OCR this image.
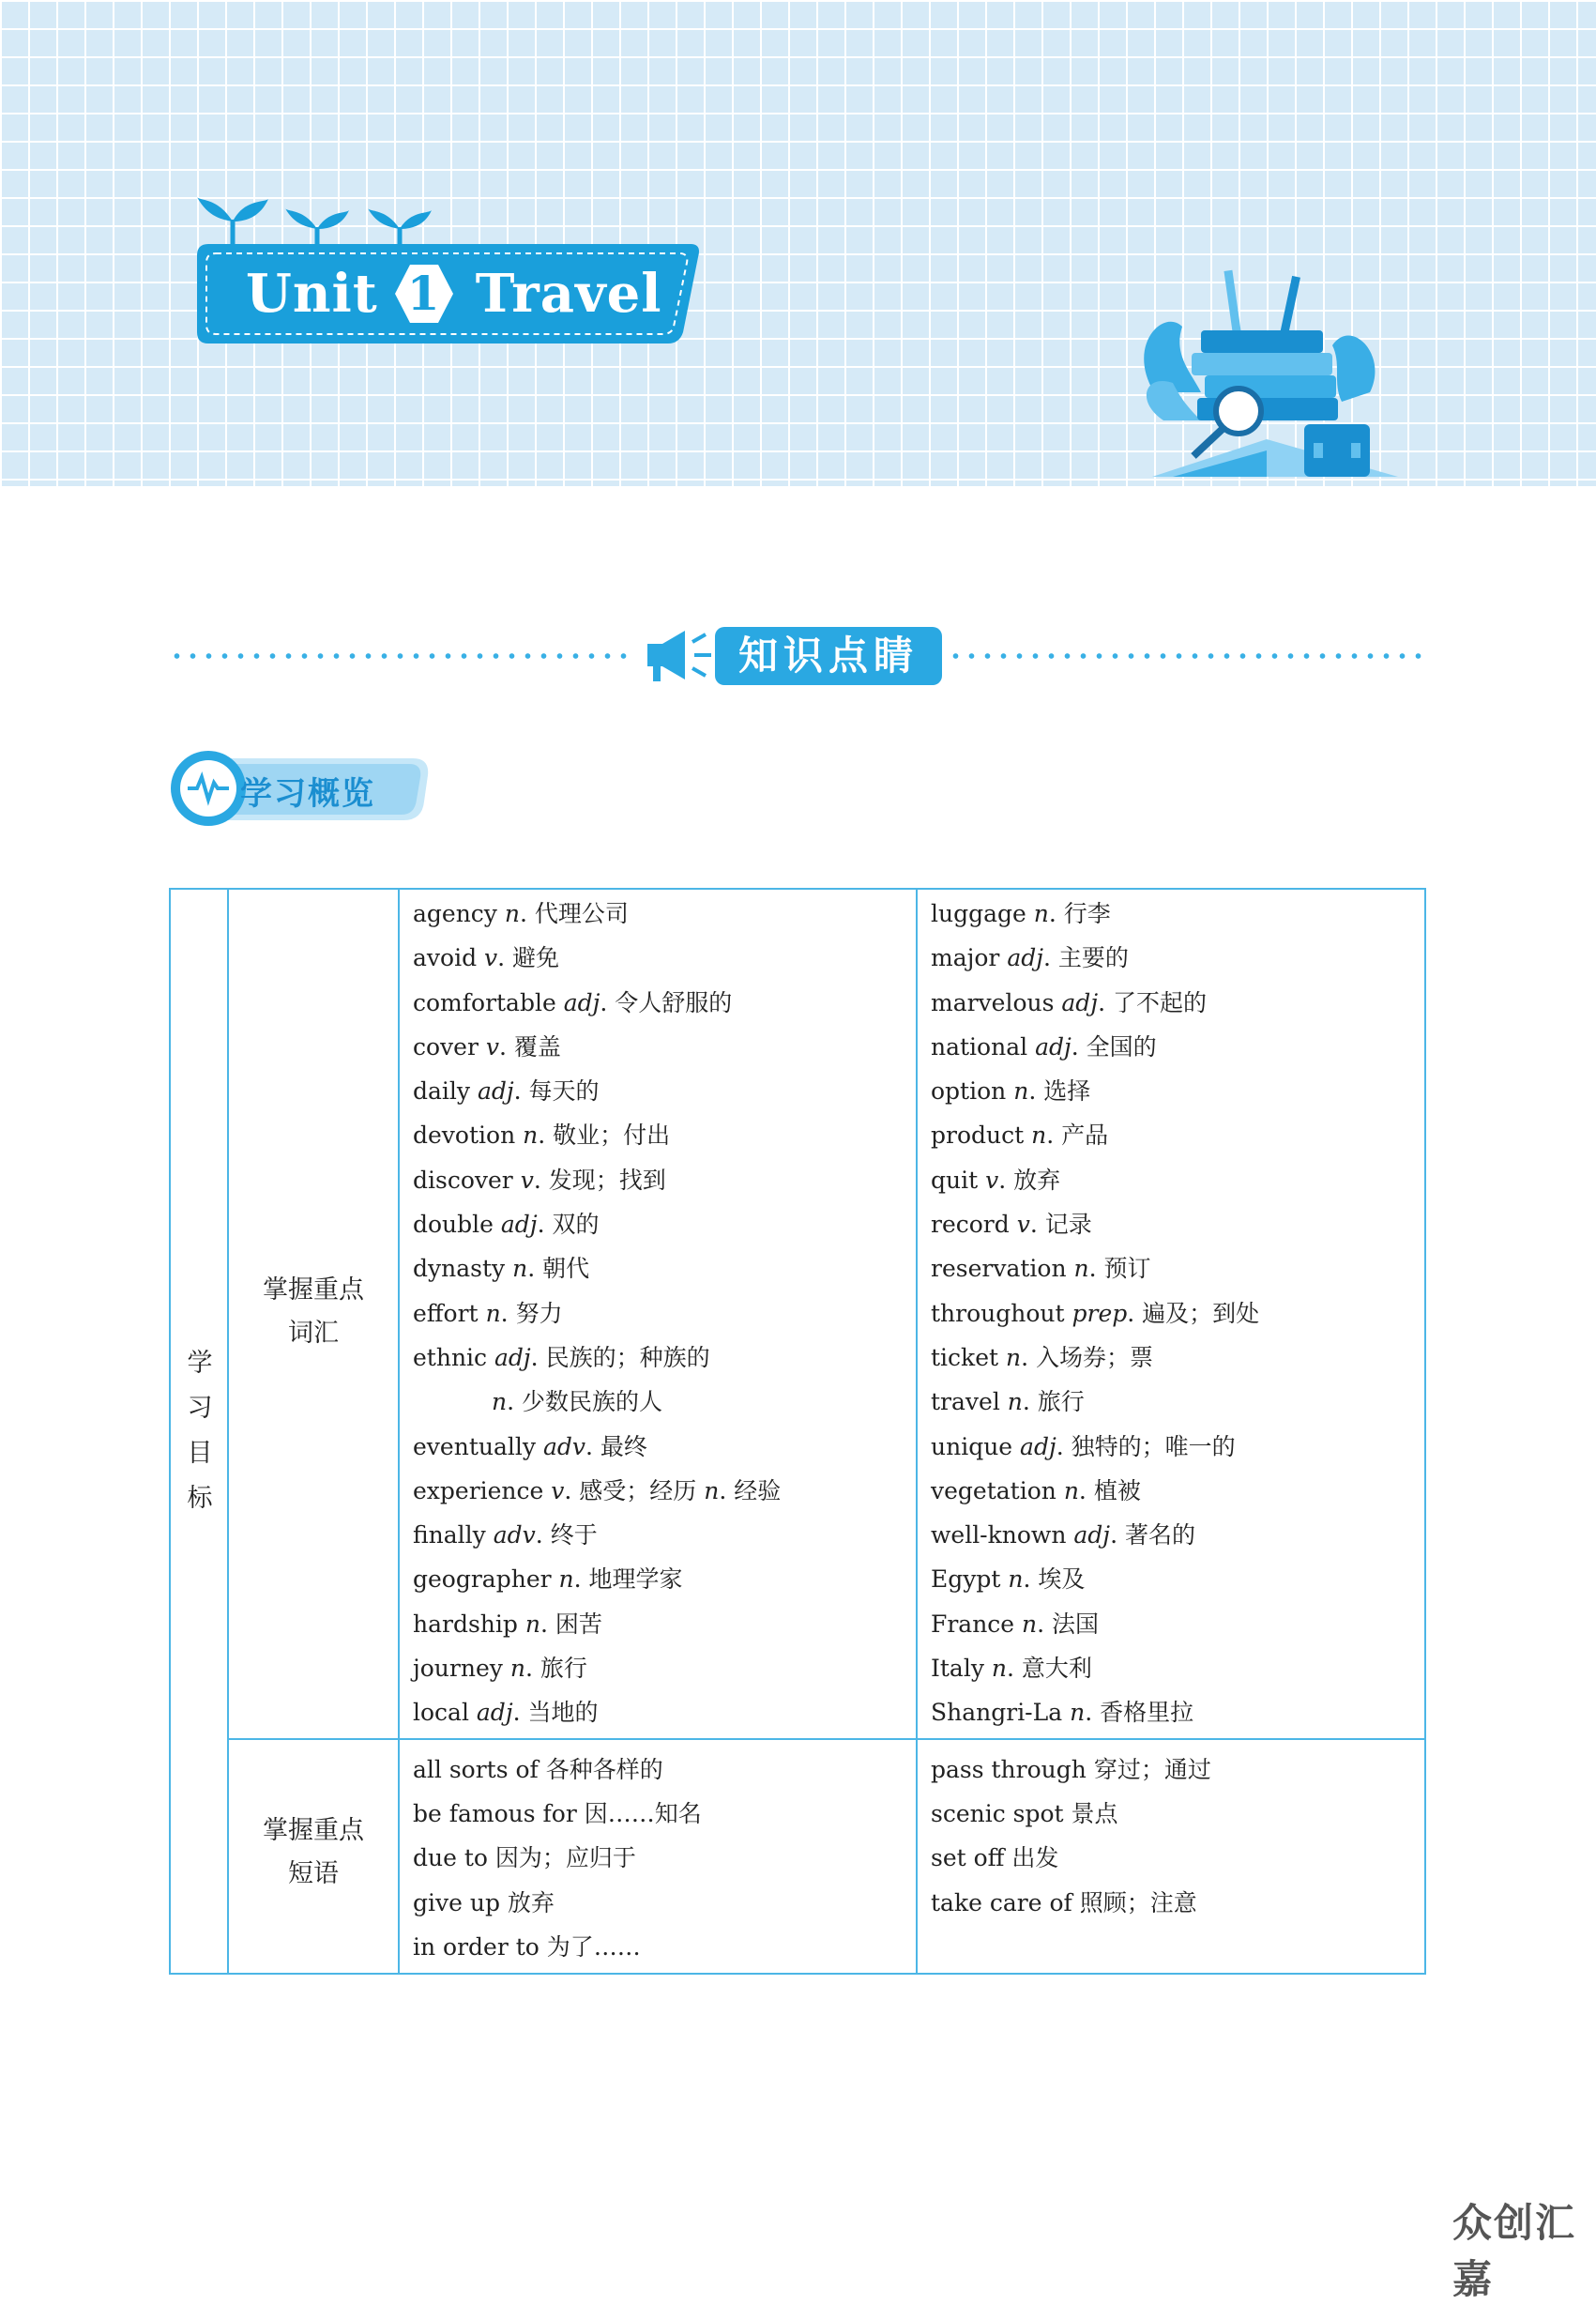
Unit 1 Travel
知识点睛
学习概览
学
习
目
标
掌握重点
词汇
掌握重点
短语
agency n. 代理公司
avoid v. 避免
comfortable adj. 令人舒服的
cover v. 覆盖
daily adj. 每天的
devotion n. 敬业；付出
discover v. 发现；找到
double adj. 双的
dynasty n. 朝代
effort n. 努力
ethnic adj. 民族的；种族的
n. 少数民族的人
eventually adv. 最终
experience v. 感受；经历 n. 经验
finally adv. 终于
geographer n. 地理学家
hardship n. 困苦
journey n. 旅行
local adj. 当地的
luggage n. 行李
major adj. 主要的
marvelous adj. 了不起的
national adj. 全国的
option n. 选择
product n. 产品
quit v. 放弃
record v. 记录
reservation n. 预订
throughout prep. 遍及；到处
ticket n. 入场券；票
travel n. 旅行
unique adj. 独特的；唯一的
vegetation n. 植被
well-known adj. 著名的
Egypt n. 埃及
France n. 法国
Italy n. 意大利
Shangri-La n. 香格里拉
all sorts of 各种各样的
be famous for 因……知名
due to 因为；应归于
give up 放弃
in order to 为了……
pass through 穿过；通过
scenic spot 景点
set off 出发
take care of 照顾；注意
众创汇嘉
